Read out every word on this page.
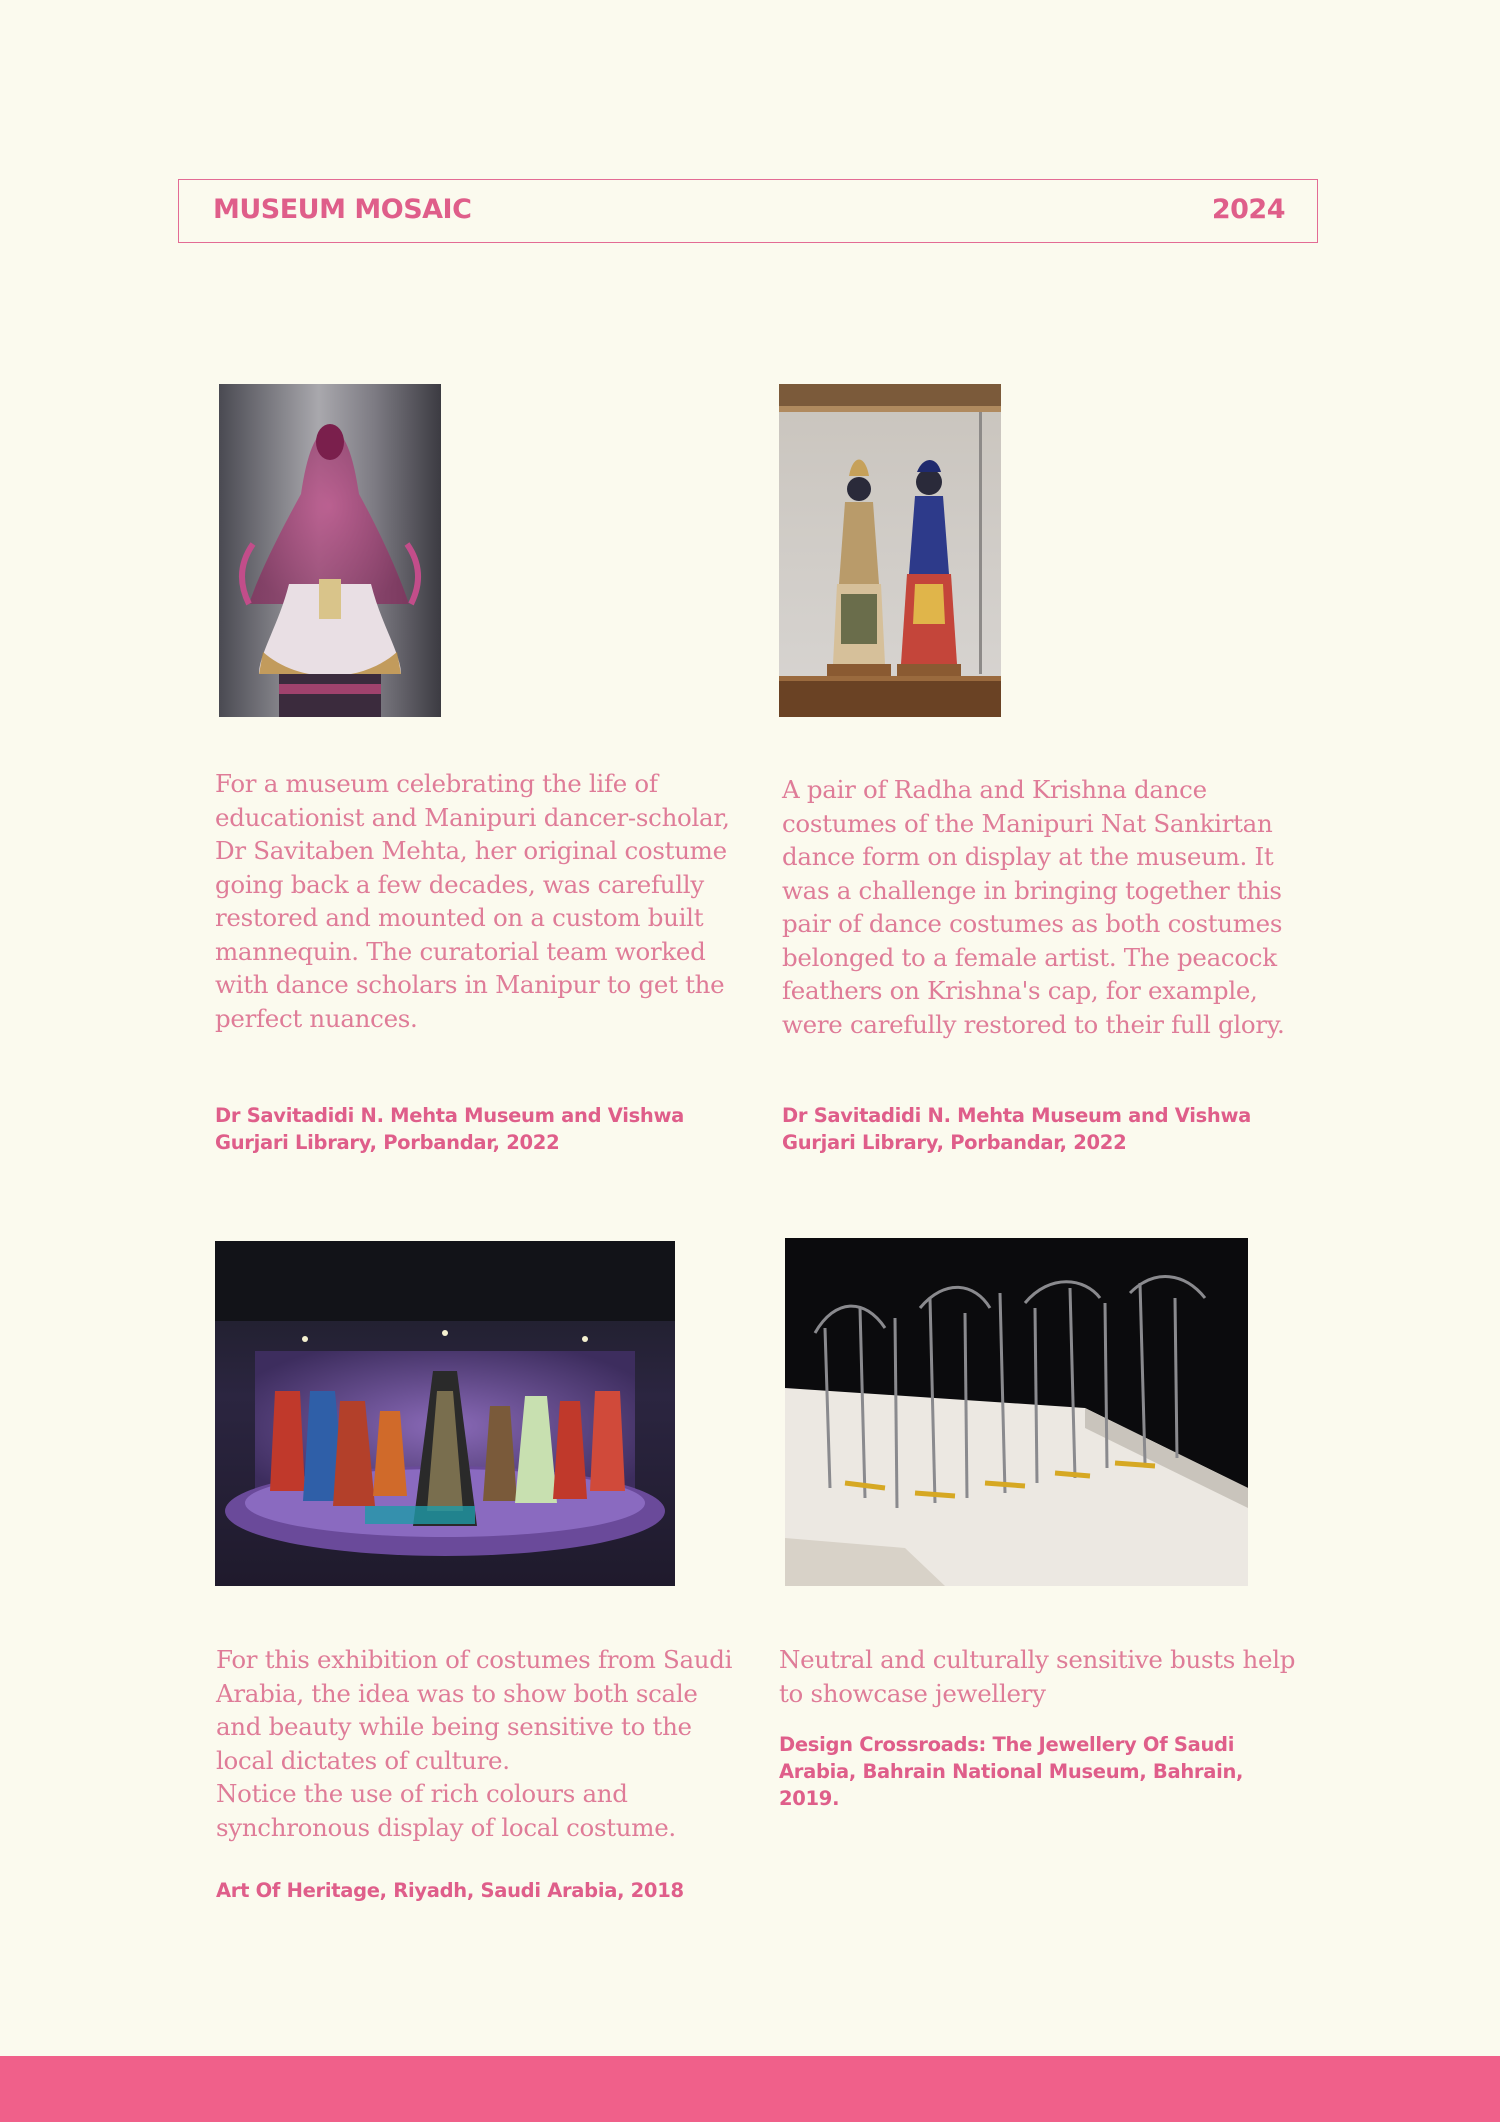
MUSEUM MOSAIC	2024

For a museum celebrating the life of educationist and Manipuri dancer-scholar, Dr Savitaben Mehta, her original costume going back a few decades, was carefully restored and mounted on a custom built mannequin. The curatorial team worked with dance scholars in Manipur to get the perfect nuances.

Dr Savitadidi N. Mehta Museum and Vishwa Gurjari Library, Porbandar, 2022

A pair of Radha and Krishna dance costumes of the Manipuri Nat Sankirtan dance form on display at the museum. It was a challenge in bringing together this pair of dance costumes as both costumes belonged to a female artist. The peacock feathers on Krishna's cap, for example, were carefully restored to their full glory.

Dr Savitadidi N. Mehta Museum and Vishwa Gurjari Library, Porbandar, 2022

For this exhibition of costumes from Saudi Arabia, the idea was to show both scale and beauty while being sensitive to the local dictates of culture.
Notice the use of rich colours and synchronous display of local costume.

Art Of Heritage, Riyadh, Saudi Arabia, 2018

Neutral and culturally sensitive busts help to showcase jewellery

Design Crossroads: The Jewellery Of Saudi Arabia, Bahrain National Museum, Bahrain, 2019.
